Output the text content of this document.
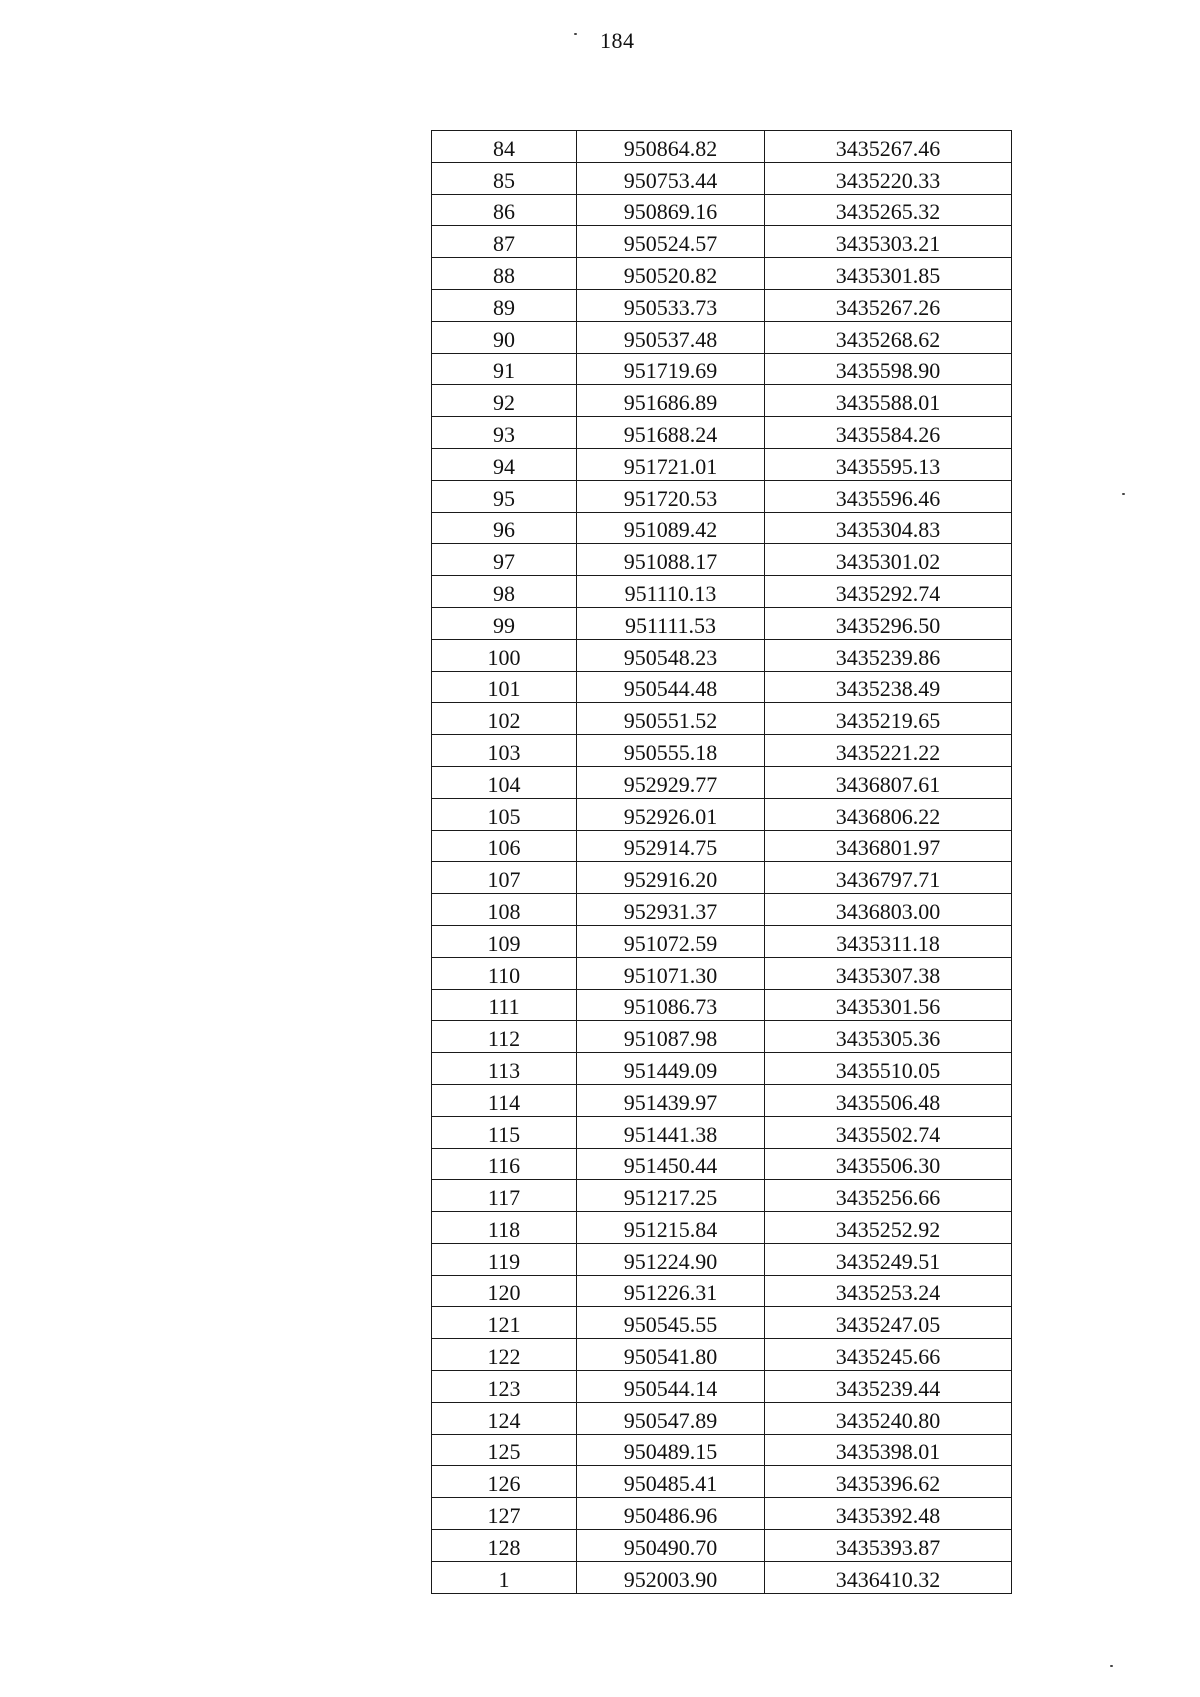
184
84	950864.82	3435267.46
85	950753.44	3435220.33
86	950869.16	3435265.32
87	950524.57	3435303.21
88	950520.82	3435301.85
89	950533.73	3435267.26
90	950537.48	3435268.62
91	951719.69	3435598.90
92	951686.89	3435588.01
93	951688.24	3435584.26
94	951721.01	3435595.13
95	951720.53	3435596.46
96	951089.42	3435304.83
97	951088.17	3435301.02
98	951110.13	3435292.74
99	951111.53	3435296.50
100	950548.23	3435239.86
101	950544.48	3435238.49
102	950551.52	3435219.65
103	950555.18	3435221.22
104	952929.77	3436807.61
105	952926.01	3436806.22
106	952914.75	3436801.97
107	952916.20	3436797.71
108	952931.37	3436803.00
109	951072.59	3435311.18
110	951071.30	3435307.38
111	951086.73	3435301.56
112	951087.98	3435305.36
113	951449.09	3435510.05
114	951439.97	3435506.48
115	951441.38	3435502.74
116	951450.44	3435506.30
117	951217.25	3435256.66
118	951215.84	3435252.92
119	951224.90	3435249.51
120	951226.31	3435253.24
121	950545.55	3435247.05
122	950541.80	3435245.66
123	950544.14	3435239.44
124	950547.89	3435240.80
125	950489.15	3435398.01
126	950485.41	3435396.62
127	950486.96	3435392.48
128	950490.70	3435393.87
1	952003.90	3436410.32
